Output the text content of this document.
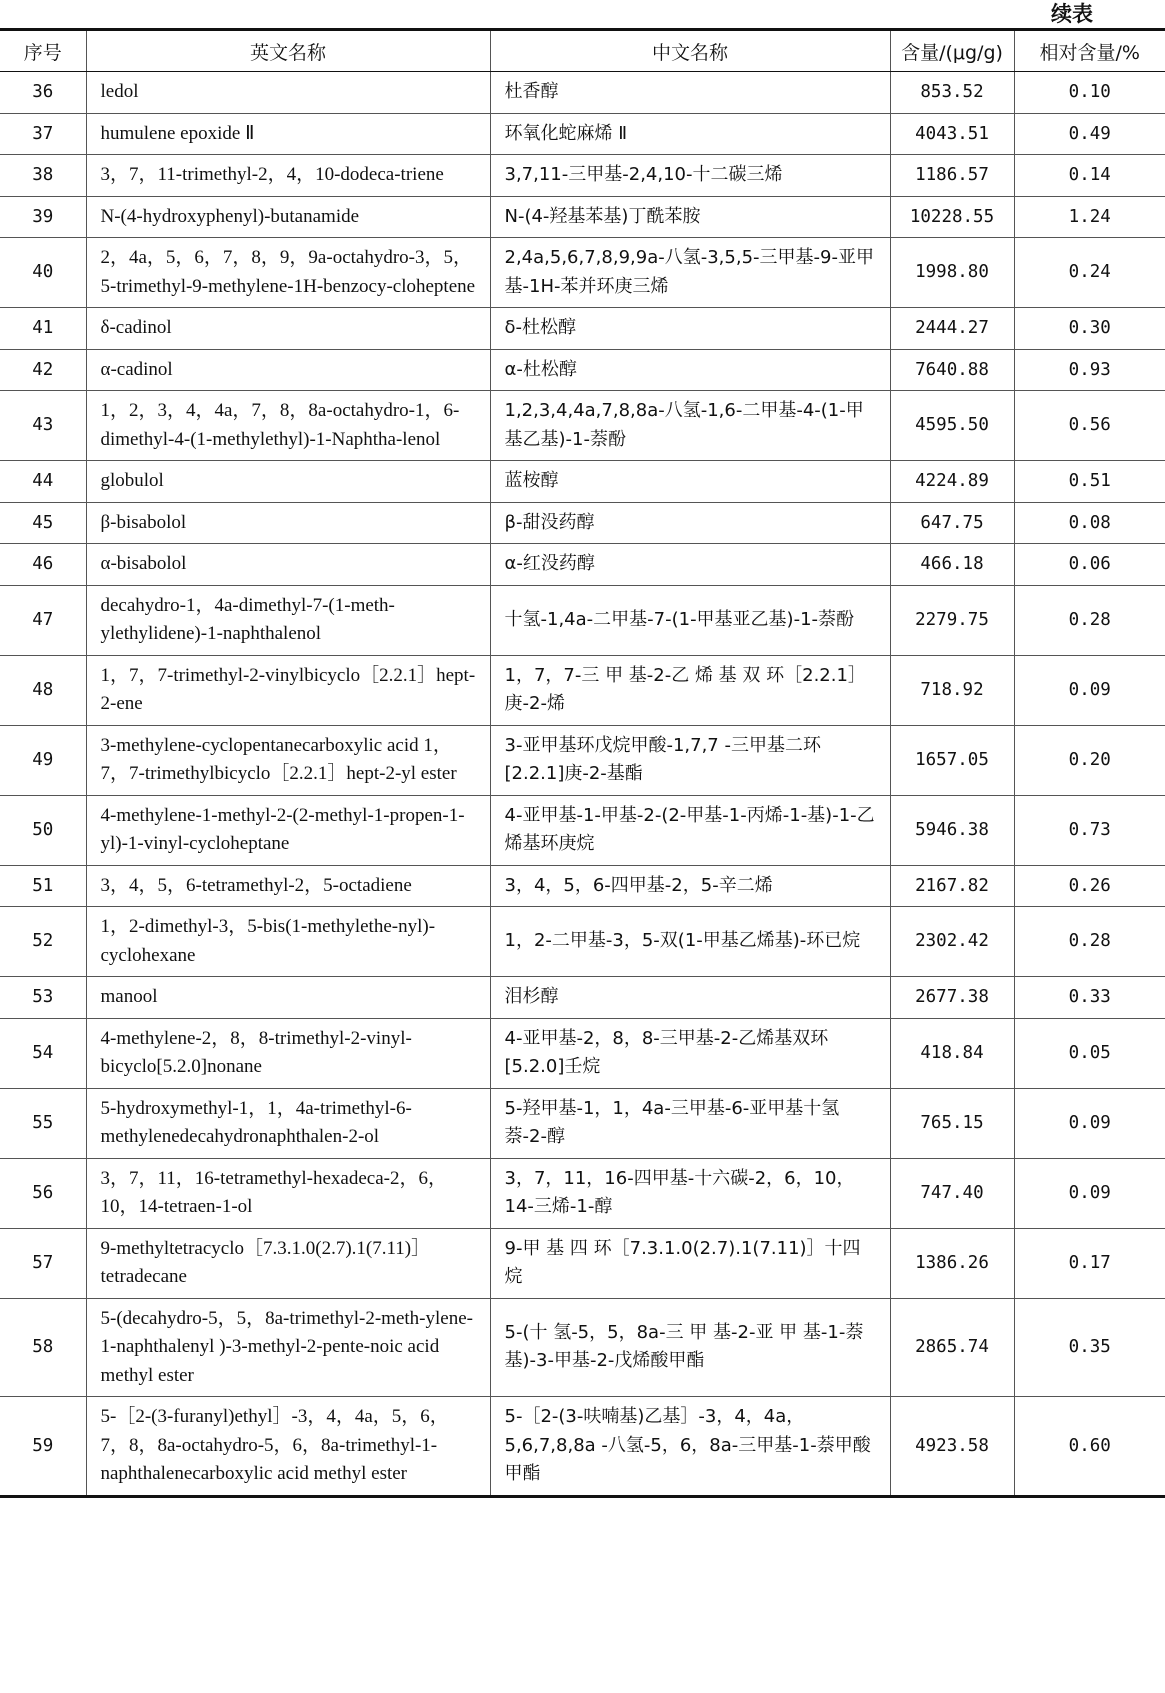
续表
序号	英文名称	中文名称	含量/(μg/g)	相对含量/%
36	ledol	杜香醇	853.52	0.10
37	humulene epoxide Ⅱ	环氧化蛇麻烯 Ⅱ	4043.51	0.49
38	3，7，11-trimethyl-2，4，10-dodeca-triene	3,7,11-三甲基-2,4,10-十二碳三烯	1186.57	0.14
39	N-(4-hydroxyphenyl)-butanamide	N-(4-羟基苯基)丁酰苯胺	10228.55	1.24
40	2，4a，5，6，7，8，9，9a-octahydro-3，5，5-trimethyl-9-methylene-1H-benzocy-cloheptene	2,4a,5,6,7,8,9,9a-八氢-3,5,5-三甲基-9-亚甲基-1H-苯并环庚三烯	1998.80	0.24
41	δ-cadinol	δ-杜松醇	2444.27	0.30
42	α-cadinol	α-杜松醇	7640.88	0.93
43	1，2，3，4，4a，7，8，8a-octahydro-1，6-dimethyl-4-(1-methylethyl)-1-Naphtha-lenol	1,2,3,4,4a,7,8,8a-八氢-1,6-二甲基-4-(1-甲基乙基)-1-萘酚	4595.50	0.56
44	globulol	蓝桉醇	4224.89	0.51
45	β-bisabolol	β-甜没药醇	647.75	0.08
46	α-bisabolol	α-红没药醇	466.18	0.06
47	decahydro-1，4a-dimethyl-7-(1-meth-ylethylidene)-1-naphthalenol	十氢-1,4a-二甲基-7-(1-甲基亚乙基)-1-萘酚	2279.75	0.28
48	1，7，7-trimethyl-2-vinylbicyclo［2.2.1］hept-2-ene	1，7，7-三 甲 基-2-乙 烯 基 双 环［2.2.1］庚-2-烯	718.92	0.09
49	3-methylene-cyclopentanecarboxylic acid 1，7，7-trimethylbicyclo［2.2.1］hept-2-yl ester	3-亚甲基环戊烷甲酸-1,7,7 -三甲基二环[2.2.1]庚-2-基酯	1657.05	0.20
50	4-methylene-1-methyl-2-(2-methyl-1-propen-1-yl)-1-vinyl-cycloheptane	4-亚甲基-1-甲基-2-(2-甲基-1-丙烯-1-基)-1-乙烯基环庚烷	5946.38	0.73
51	3，4，5，6-tetramethyl-2，5-octadiene	3，4，5，6-四甲基-2，5-辛二烯	2167.82	0.26
52	1，2-dimethyl-3，5-bis(1-methylethe-nyl)-cyclohexane	1，2-二甲基-3，5-双(1-甲基乙烯基)-环已烷	2302.42	0.28
53	manool	泪杉醇	2677.38	0.33
54	4-methylene-2，8，8-trimethyl-2-vinyl-bicyclo[5.2.0]nonane	4-亚甲基-2，8，8-三甲基-2-乙烯基双环[5.2.0]壬烷	418.84	0.05
55	5-hydroxymethyl-1，1，4a-trimethyl-6-methylenedecahydronaphthalen-2-ol	5-羟甲基-1，1，4a-三甲基-6-亚甲基十氢萘-2-醇	765.15	0.09
56	3，7，11，16-tetramethyl-hexadeca-2，6，10，14-tetraen-1-ol	3，7，11，16-四甲基-十六碳-2，6，10，14-三烯-1-醇	747.40	0.09
57	9-methyltetracyclo［7.3.1.0(2.7).1(7.11)］tetradecane	9-甲 基 四 环［7.3.1.0(2.7).1(7.11)］十四烷	1386.26	0.17
58	5-(decahydro-5，5，8a-trimethyl-2-meth-ylene-1-naphthalenyl )-3-methyl-2-pente-noic acid methyl ester	5-(十 氢-5，5，8a-三 甲 基-2-亚 甲 基-1-萘基)-3-甲基-2-戊烯酸甲酯	2865.74	0.35
59	5-［2-(3-furanyl)ethyl］-3，4，4a，5，6，7，8，8a-octahydro-5，6，8a-trimethyl-1-naphthalenecarboxylic acid methyl ester	5-［2-(3-呋喃基)乙基］-3，4，4a，5,6,7,8,8a -八氢-5，6，8a-三甲基-1-萘甲酸甲酯	4923.58	0.60
